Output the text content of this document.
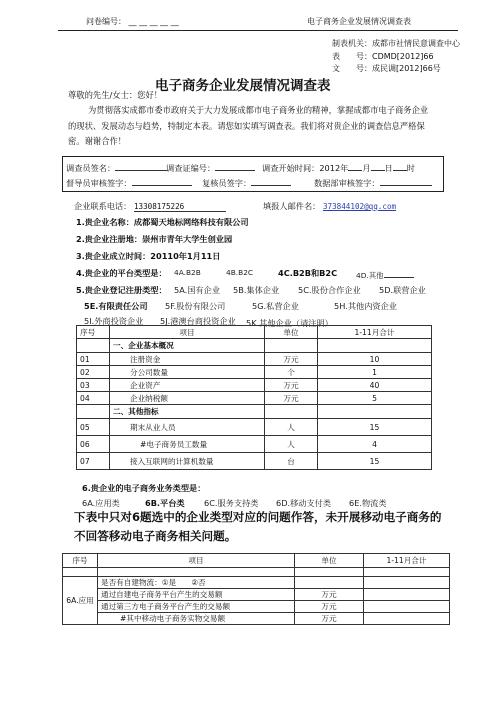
问卷编号： __ __ __ __ __	电子商务企业发展情况调查表
制表机关：成都市社情民意调查中心
表　　号：CDMD[2012]66
文　　号：成民调[2012]66号
电子商务企业发展情况调查表
尊敬的先生/女士：您好！
为贯彻落实成都市委市政府关于大力发展成都市电子商务业的精神，掌握成都市电子商务企业的现状、发展动态与趋势，特制定本表。请您如实填写调查表。我们将对贵企业的调查信息严格保密。谢谢合作！
调查员签名：	调查证编号：	调查开始时间：2012年 月 日 时
督导员审核签字：	复核员签字：	数据部审核签字：
企业联系电话： 13308175226	填报人邮件名： 373844102@qq.com
1.贵企业名称：成都蜀天地标网络科技有限公司
2.贵企业注册地：崇州市青年大学生创业园
3.贵企业成立时间：20110年1月11日
4.贵企业的平台类型是： 4A.B2B	4B.B2C	4C.B2B和B2C	4D.其他
5.贵企业登记注册类型： 5A.国有企业 5B.集体企业 5C.股份合作企业 5D.联营企业
5E.有限责任公司 5F.股份有限公司	5G.私营企业	5H.其他内资企业
5I.外商投资企业 5J.港澳台商投资企业 5K.其他企业（请注明）
序号	项目	单位	1-11月合计
	一、企业基本概况		
01	注册资金	万元	10
02	分公司数量	个	1
03	企业资产	万元	40
04	企业纳税额	万元	5
	二、其他指标		
05	期末从业人员	人	15
06	#电子商务员工数量	人	4
07	接入互联网的计算机数量	台	15
6.贵企业的电子商务业务类型是：
6A.应用类	6B.平台类 6C.服务支持类 6D.移动支付类 6E.物流类
下表中只对6题选中的企业类型对应的问题作答，未开展移动电子商务的不回答移动电子商务相关问题。
序号	项目	单位	1-11月合计

6A.应用	是否有自建物流：①是　　②否		
	通过自建电子商务平台产生的交易额	万元	
	通过第三方电子商务平台产生的交易额	万元	
	#其中移动电子商务实物交易额	万元	
